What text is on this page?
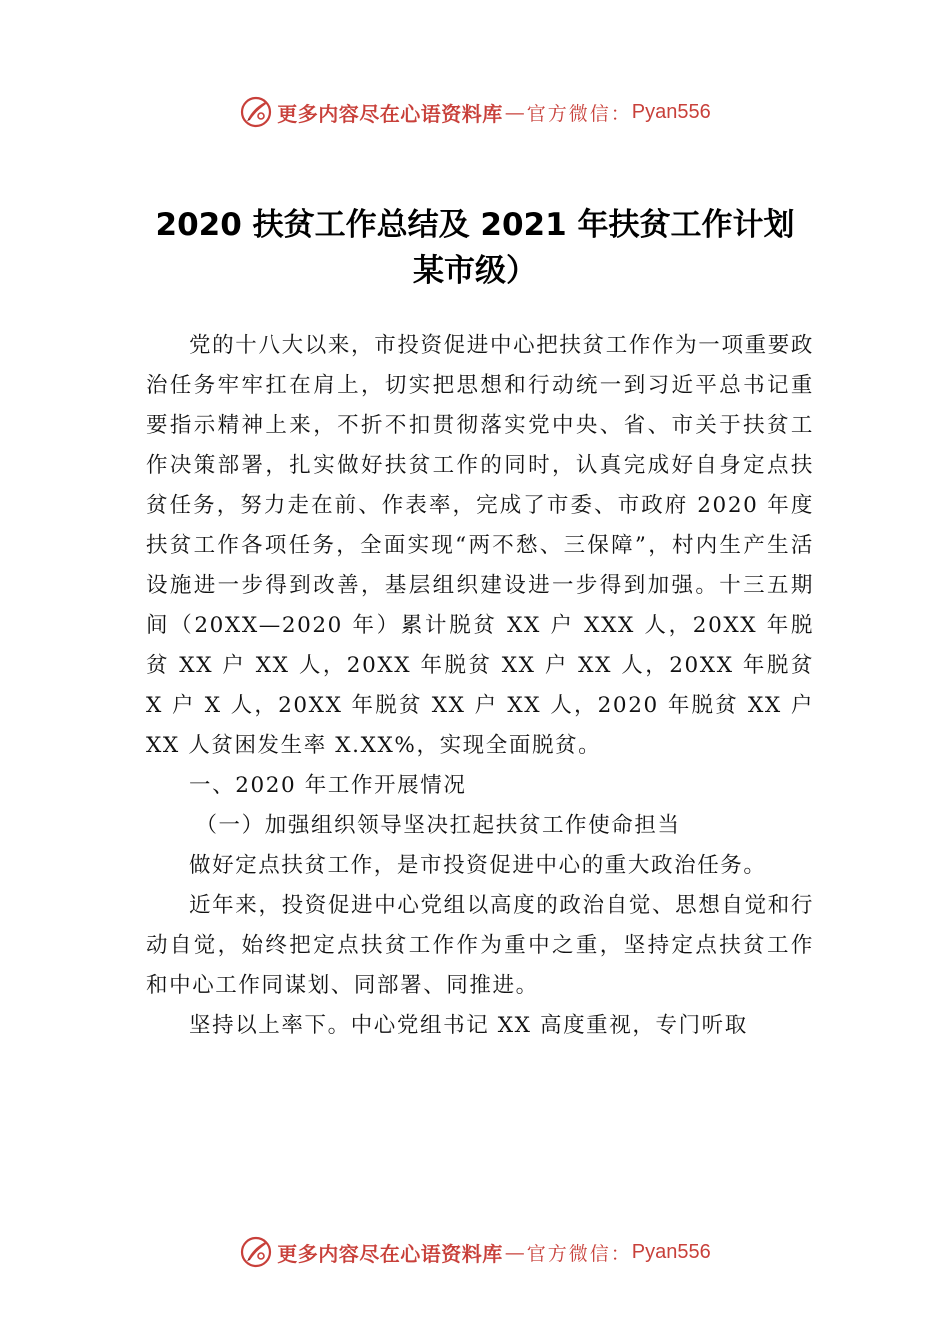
更多内容尽在心语资料库 — 官方微信： Pyan556
2020 扶贫工作总结及 2021 年扶贫工作计划
某市级）

党的十八大以来，市投资促进中心把扶贫工作作为一项重要政治任务牢牢扛在肩上，切实把思想和行动统一到习近平总书记重要指示精神上来，不折不扣贯彻落实党中央、省、市关于扶贫工作决策部署，扎实做好扶贫工作的同时，认真完成好自身定点扶贫任务，努力走在前、作表率，完成了市委、市政府 2020 年度扶贫工作各项任务，全面实现“两不愁、三保障”，村内生产生活设施进一步得到改善，基层组织建设进一步得到加强。十三五期间（20XX—2020 年）累计脱贫 XX 户 XXX 人，20XX 年脱贫 XX 户 XX 人，20XX 年脱贫 XX 户 XX 人，20XX 年脱贫 X 户 X 人，20XX 年脱贫 XX 户 XX 人，2020 年脱贫 XX 户 XX 人贫困发生率 X.XX%，实现全面脱贫。

一、2020 年工作开展情况

（一）加强组织领导坚决扛起扶贫工作使命担当

做好定点扶贫工作，是市投资促进中心的重大政治任务。

近年来，投资促进中心党组以高度的政治自觉、思想自觉和行动自觉，始终把定点扶贫工作作为重中之重，坚持定点扶贫工作和中心工作同谋划、同部署、同推进。

坚持以上率下。中心党组书记 XX 高度重视，专门听取

更多内容尽在心语资料库 — 官方微信： Pyan556
